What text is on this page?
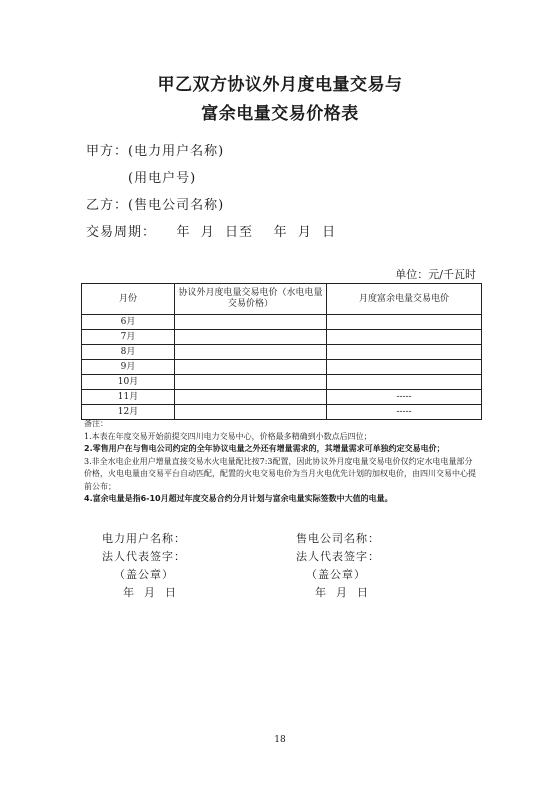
甲乙双方协议外月度电量交易与
富余电量交易价格表
甲方：(电力用户名称)
(用电户号)
乙方：(售电公司名称)
交易周期：    年  月  日至    年  月  日
单位：元/千瓦时
月份	协议外月度电量交易电价（水电电量交易价格）	月度富余电量交易电价
6月		
7月		
8月		
9月		
10月		
11月		-----
12月		-----
备注：
1.本表在年度交易开始前提交四川电力交易中心，价格最多精确到小数点后四位；
2.零售用户在与售电公司约定的全年协议电量之外还有增量需求的，其增量需求可单独约定交易电价；
3.非全水电企业用户增量直接交易水火电量配比按7:3配置，因此协议外月度电量交易电价仅约定水电电量部分价格，火电电量由交易平台自动匹配，配置的火电交易电价为当月火电优先计划的加权电价，由四川交易中心提前公布；
4.富余电量是指6-10月超过年度交易合约分月计划与富余电量实际签数中大值的电量。
电力用户名称：
法人代表签字：
（盖公章）
年  月  日
售电公司名称：
法人代表签字：
（盖公章）
年  月  日
18
